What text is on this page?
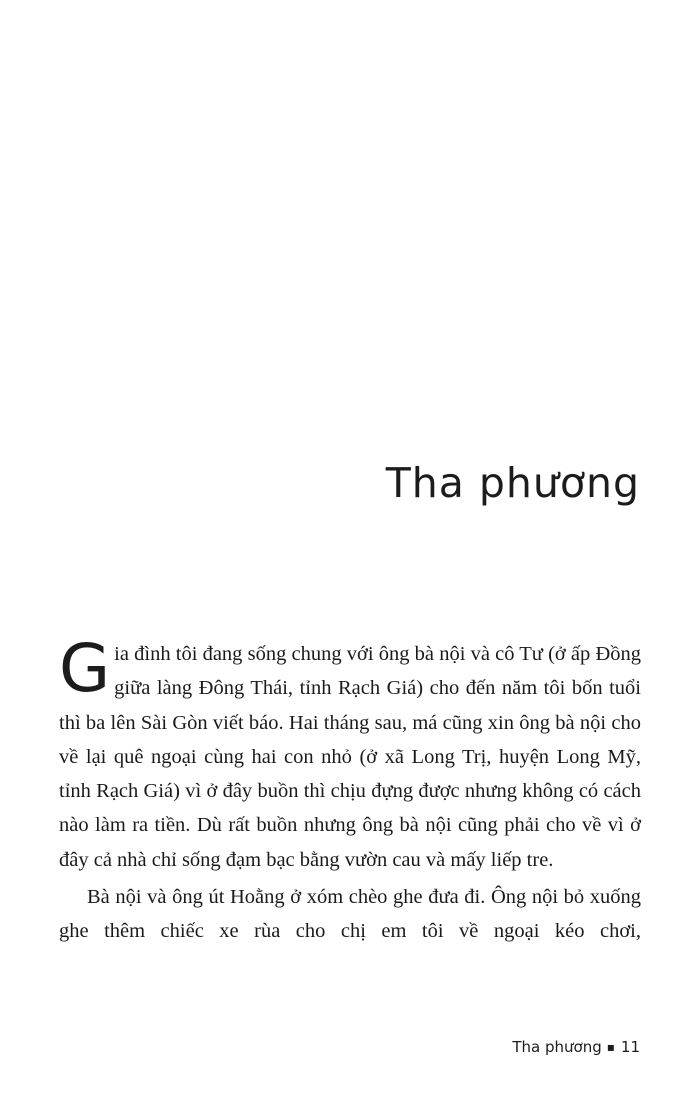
Tha phương

Gia đình tôi đang sống chung với ông bà nội và cô Tư (ở ấp Đồng giữa làng Đông Thái, tỉnh Rạch Giá) cho đến năm tôi bốn tuổi thì ba lên Sài Gòn viết báo. Hai tháng sau, má cũng xin ông bà nội cho về lại quê ngoại cùng hai con nhỏ (ở xã Long Trị, huyện Long Mỹ, tỉnh Rạch Giá) vì ở đây buồn thì chịu đựng được nhưng không có cách nào làm ra tiền. Dù rất buồn nhưng ông bà nội cũng phải cho về vì ở đây cả nhà chỉ sống đạm bạc bằng vườn cau và mấy liếp tre.

Bà nội và ông út Hoằng ở xóm chèo ghe đưa đi. Ông nội bỏ xuống ghe thêm chiếc xe rùa cho chị em tôi về ngoại kéo chơi,

Tha phương ▪ 11
